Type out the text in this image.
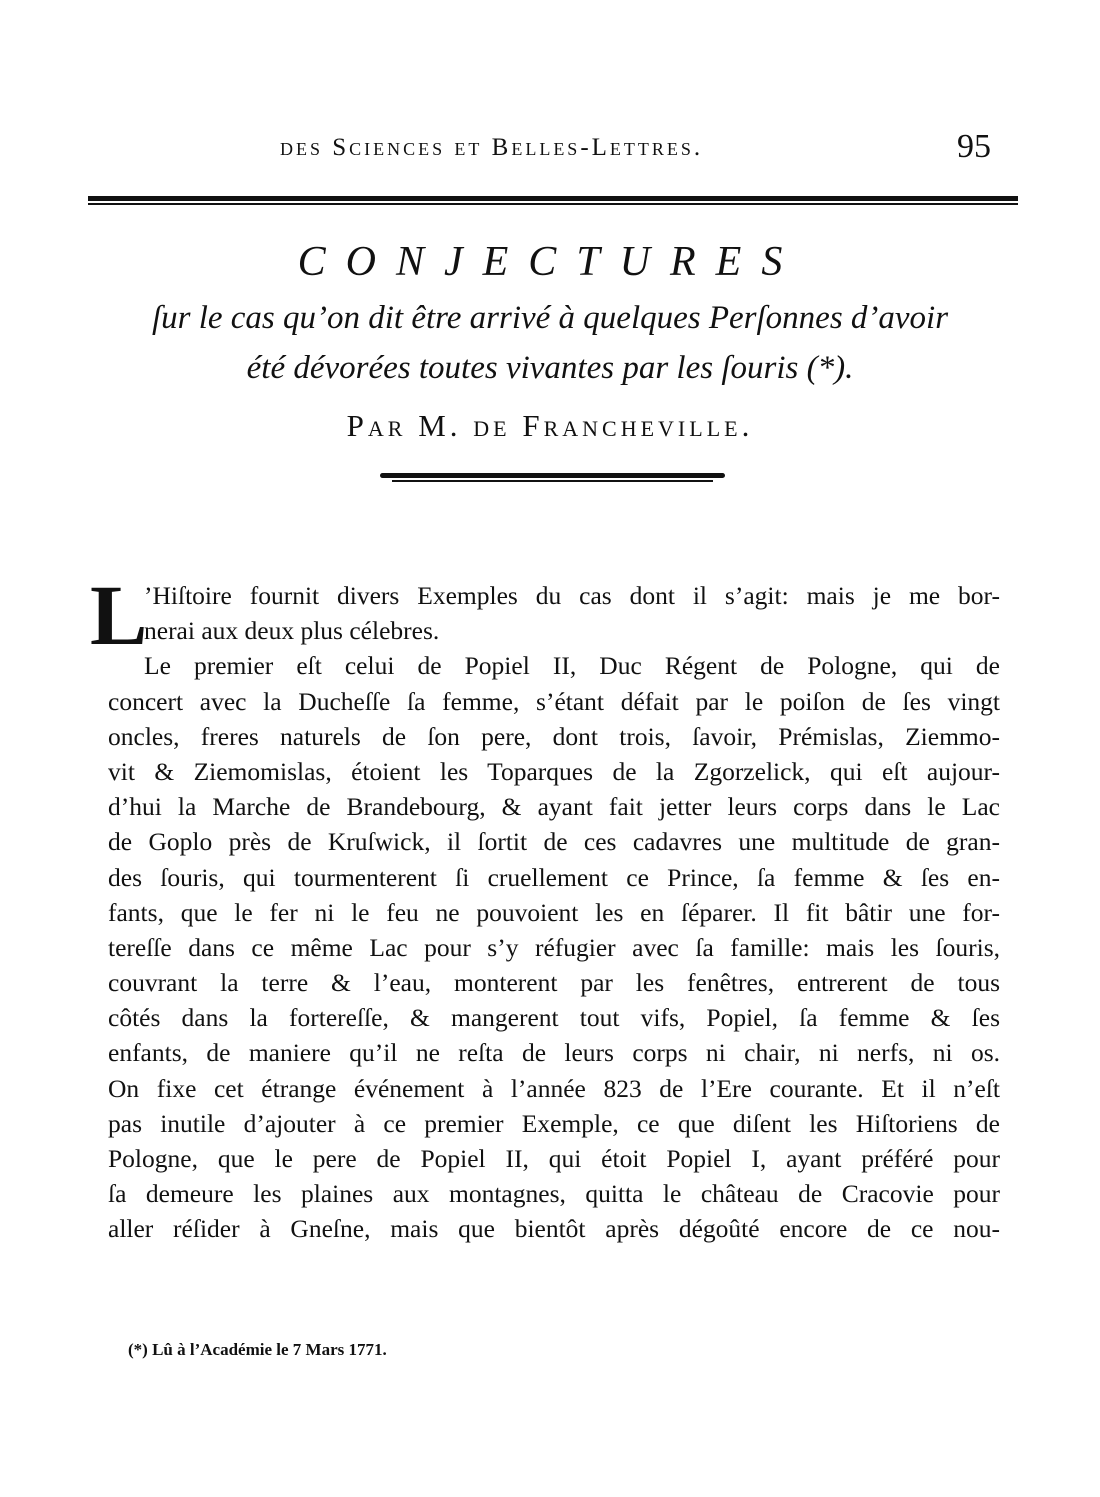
des Sciences et Belles-Lettres.	95
CONJECTURES
ſur le cas qu’on dit être arrivé à quelques Perſonnes d’avoir
été dévorées toutes vivantes par les ſouris (*).
Par M. de Francheville.
L
’Hiſtoire fournit divers Exemples du cas dont il s’agit: mais je me bor-
nerai aux deux plus célebres.
Le premier eſt celui de Popiel II, Duc Régent de Pologne, qui de
concert avec la Ducheſſe ſa femme, s’étant défait par le poiſon de ſes vingt
oncles, freres naturels de ſon pere, dont trois, ſavoir, Prémislas, Ziemmo-
vit & Ziemomislas, étoient les Toparques de la Zgorzelick, qui eſt aujour-
d’hui la Marche de Brandebourg, & ayant fait jetter leurs corps dans le Lac
de Goplo près de Kruſwick, il ſortit de ces cadavres une multitude de gran-
des ſouris, qui tourmenterent ſi cruellement ce Prince, ſa femme & ſes en-
fants, que le fer ni le feu ne pouvoient les en ſéparer. Il fit bâtir une for-
tereſſe dans ce même Lac pour s’y réfugier avec ſa famille: mais les ſouris,
couvrant la terre & l’eau, monterent par les fenêtres, entrerent de tous
côtés dans la fortereſſe, & mangerent tout vifs, Popiel, ſa femme & ſes
enfants, de maniere qu’il ne reſta de leurs corps ni chair, ni nerfs, ni os.
On fixe cet étrange événement à l’année 823 de l’Ere courante. Et il n’eſt
pas inutile d’ajouter à ce premier Exemple, ce que diſent les Hiſtoriens de
Pologne, que le pere de Popiel II, qui étoit Popiel I, ayant préféré pour
ſa demeure les plaines aux montagnes, quitta le château de Cracovie pour
aller réſider à Gneſne, mais que bientôt après dégoûté encore de ce nou-
(*) Lû à l’Académie le 7 Mars 1771.
